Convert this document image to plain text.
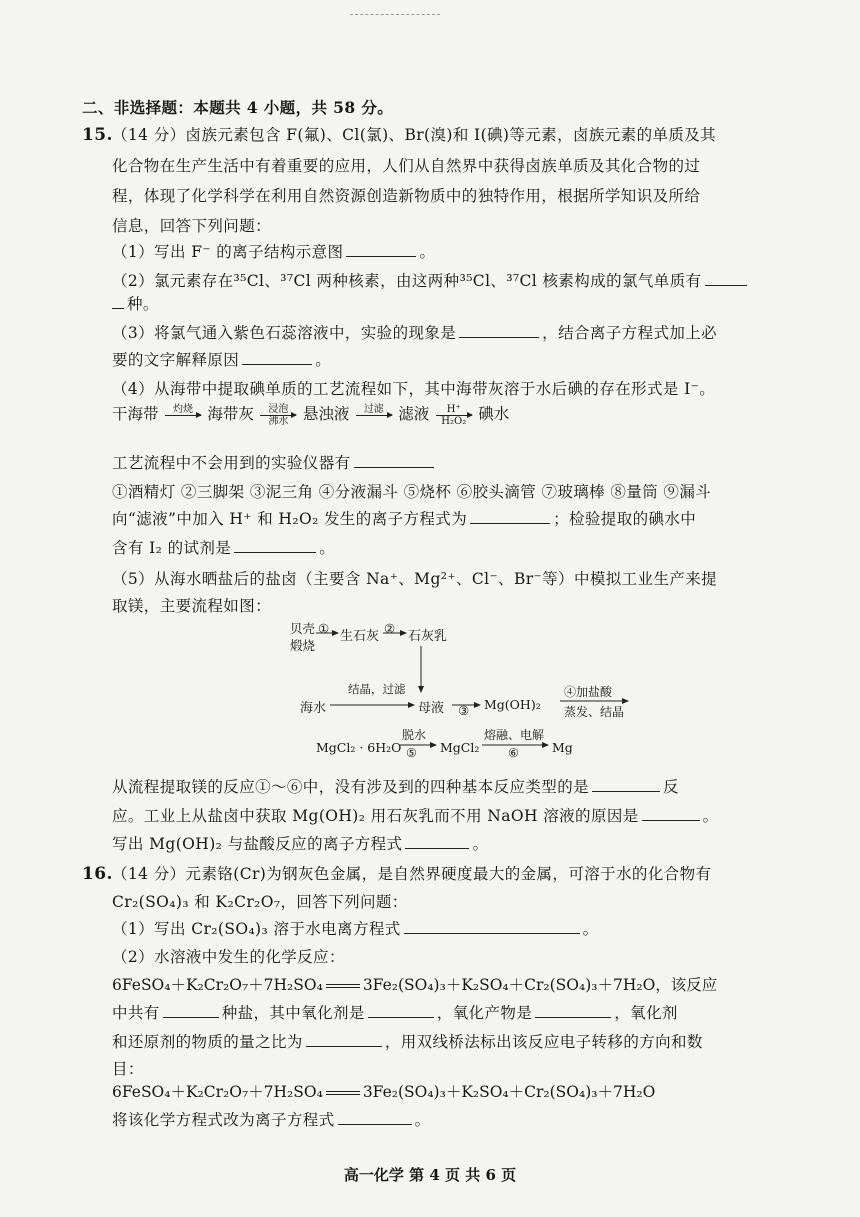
二、非选择题：本题共 4 小题，共 58 分。
15. （14 分）卤族元素包含 F(氟)、Cl(氯)、Br(溴)和 I(碘)等元素，卤族元素的单质及其
化合物在生产生活中有着重要的应用，人们从自然界中获得卤族单质及其化合物的过
程，体现了化学科学在利用自然资源创造新物质中的独特作用，根据所学知识及所给
信息，回答下列问题：
（1）写出 F⁻ 的离子结构示意图	。
（2）氯元素存在³⁵Cl、³⁷Cl 两种核素，由这两种³⁵Cl、³⁷Cl 核素构成的氯气单质有
种。
（3）将氯气通入紫色石蕊溶液中，实验的现象是	，结合离子方程式加上必
要的文字解释原因	。
（4）从海带中提取碘单质的工艺流程如下，其中海带灰溶于水后碘的存在形式是 I⁻。
干海带	灼烧
海带灰	浸泡
沸水 悬浊液	过滤
滤液 $\frac{H^+}{\text{H₂O₂}}$ 碘水
工艺流程中不会用到的实验仪器有
①酒精灯 ②三脚架 ③泥三角 ④分液漏斗 ⑤烧杯 ⑥胶头滴管 ⑦玻璃棒 ⑧量筒 ⑨漏斗
向“滤液”中加入 H⁺ 和 H₂O₂ 发生的离子方程式为	；检验提取的碘水中
含有 I₂ 的试剂是	。
（5）从海水晒盐后的盐卤（主要含 Na⁺、Mg²⁺、Cl⁻、Br⁻等）中模拟工业生产来提
取镁，主要流程如图：
贝壳
煅烧
①
生石灰
②
石灰乳
海水
结晶，过滤
母液 ③ Mg(OH)₂
④加盐酸
蒸发、结晶
MgCl₂ · 6H₂O
脱水
⑤ MgCl₂
熔融、电解
⑥	Mg
从流程提取镁的反应①～⑥中，没有涉及到的四种基本反应类型的是	反
应。工业上从盐卤中获取 Mg(OH)₂ 用石灰乳而不用 NaOH 溶液的原因是	。
写出 Mg(OH)₂ 与盐酸反应的离子方程式	。
16. （14 分）元素铬(Cr)为钢灰色金属，是自然界硬度最大的金属，可溶于水的化合物有
Cr₂(SO₄)₃ 和 K₂Cr₂O₇，回答下列问题：
（1）写出 Cr₂(SO₄)₃ 溶于水电离方程式	。
（2）水溶液中发生的化学反应：
6FeSO₄＋K₂Cr₂O₇＋7H₂SO₄	3Fe₂(SO₄)₃＋K₂SO₄＋Cr₂(SO₄)₃＋7H₂O，该反应
中共有	种盐，其中氧化剂是	，氧化产物是	，氧化剂
和还原剂的物质的量之比为	，用双线桥法标出该反应电子转移的方向和数
目：
6FeSO₄＋K₂Cr₂O₇＋7H₂SO₄	3Fe₂(SO₄)₃＋K₂SO₄＋Cr₂(SO₄)₃＋7H₂O
将该化学方程式改为离子方程式	。
高一化学 第 4 页 共 6 页
